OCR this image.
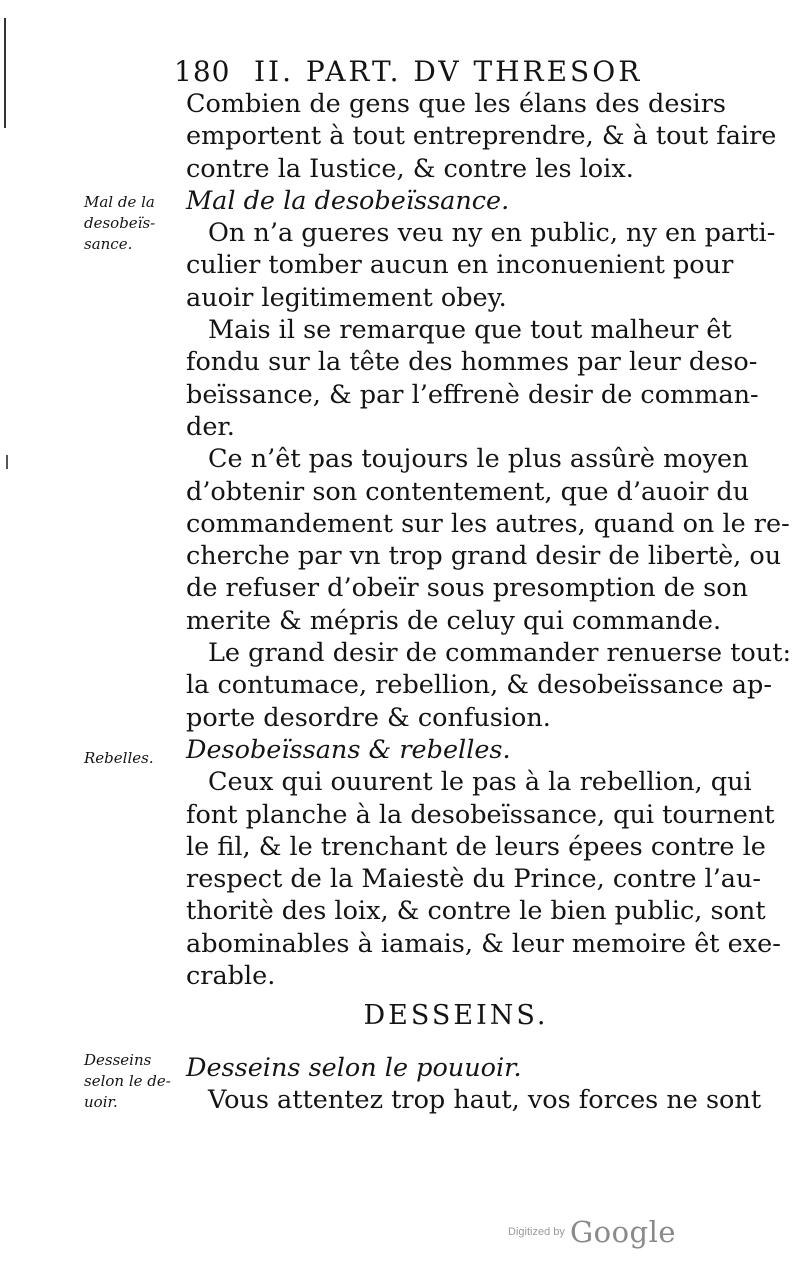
180 II. PART. DV THRESOR
Mal de la
desobeïs-
sance.
Rebelles.
Desseins
selon le de-
uoir.
Combien de gens que les élans des desirs
emportent à tout entreprendre, & à tout faire
contre la Iustice, & contre les loix.
Mal de la desobeïssance.
On n’a gueres veu ny en public, ny en parti-
culier tomber aucun en inconuenient pour
auoir legitimement obey.
Mais il se remarque que tout malheur êt
fondu sur la tête des hommes par leur deso-
beïssance, & par l’effrenè desir de comman-
der.
Ce n’êt pas toujours le plus assûrè moyen
d’obtenir son contentement, que d’auoir du
commandement sur les autres, quand on le re-
cherche par vn trop grand desir de libertè, ou
de refuser d’obeïr sous presomption de son
merite & mépris de celuy qui commande.
Le grand desir de commander renuerse tout:
la contumace, rebellion, & desobeïssance ap-
porte desordre & confusion.
Desobeïssans & rebelles.
Ceux qui ouurent le pas à la rebellion, qui
font planche à la desobeïssance, qui tournent
le fil, & le trenchant de leurs épees contre le
respect de la Maiestè du Prince, contre l’au-
thoritè des loix, & contre le bien public, sont
abominables à iamais, & leur memoire êt exe-
crable.
DESSEINS.
Desseins selon le pouuoir.
Vous attentez trop haut, vos forces ne sont
Digitized by Google
